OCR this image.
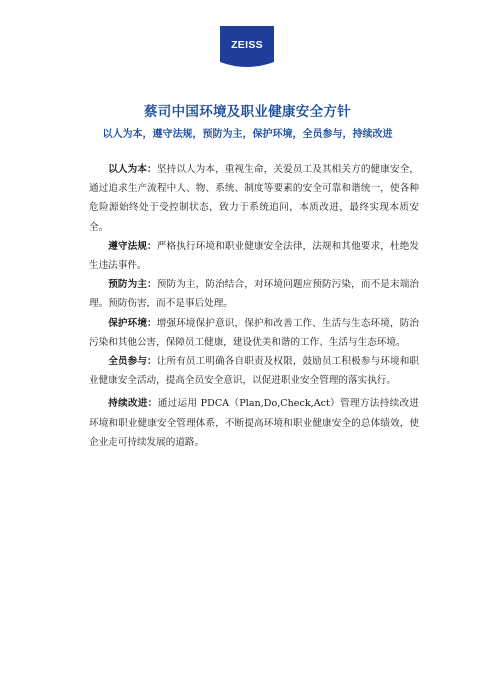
ZEISS
蔡司中国环境及职业健康安全方针

以人为本，遵守法规，预防为主，保护环境，全员参与，持续改进

以人为本：坚持以人为本，重视生命，关爱员工及其相关方的健康安全，通过追求生产流程中人、物、系统、制度等要素的安全可靠和谐统一，使各种危险源始终处于受控制状态，致力于系统追问，本质改进，最终实现本质安全。

遵守法规：严格执行环境和职业健康安全法律，法规和其他要求，杜绝发生违法事件。

预防为主：预防为主，防治结合，对环境问题应预防污染，而不是末端治理。预防伤害，而不是事后处理。

保护环境：增强环境保护意识，保护和改善工作、生活与生态环境，防治污染和其他公害，保障员工健康，建设优美和谐的工作、生活与生态环境。

全员参与：让所有员工明确各自职责及权限，鼓励员工积极参与环境和职业健康安全活动，提高全员安全意识，以促进职业安全管理的落实执行。

持续改进：通过运用 PDCA（Plan,Do,Check,Act）管理方法持续改进环境和职业健康安全管理体系，不断提高环境和职业健康安全的总体绩效，使企业走可持续发展的道路。
